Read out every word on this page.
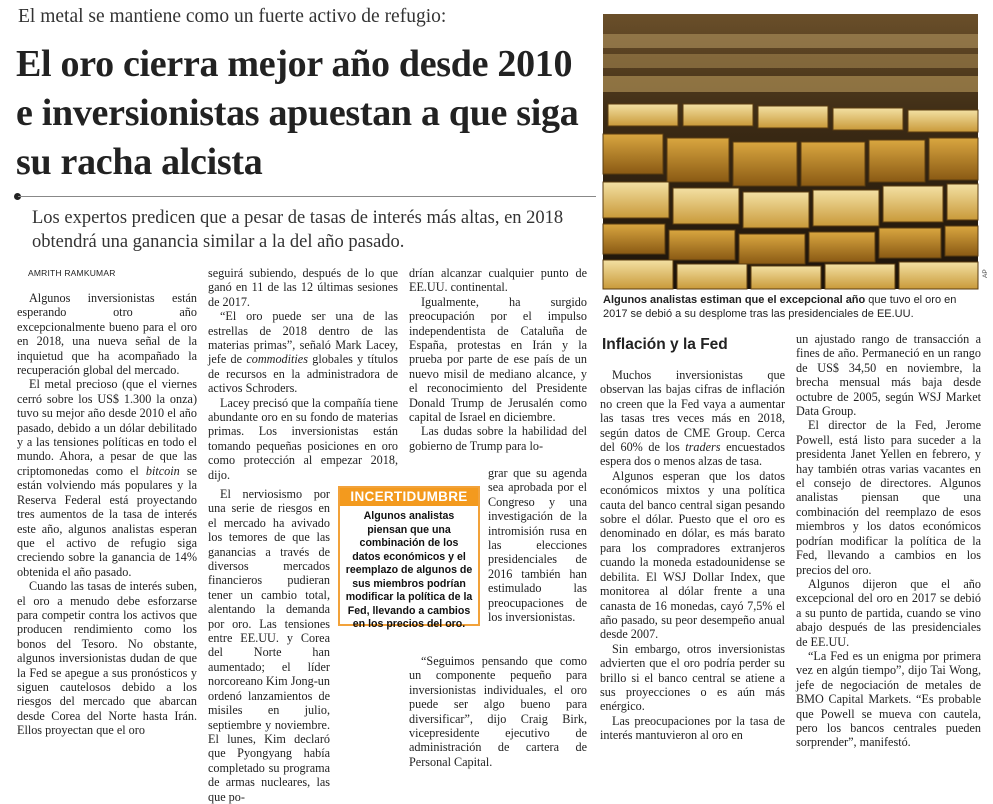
El metal se mantiene como un fuerte activo de refugio:
El oro cierra mejor año desde 2010 e inversionistas apuestan a que siga su racha alcista
Los expertos predicen que a pesar de tasas de interés más altas, en 2018 obtendrá una ganancia similar a la del año pasado.
AMRITH RAMKUMAR	AP
Algunos analistas estiman que el excepcional año que tuvo el oro en 2017 se debió a su desplome tras las presidenciales de EE.UU.

Algunos inversionistas están esperando otro año excepcionalmente bueno para el oro en 2018, una nueva señal de la inquietud que ha acompañado la recuperación global del mercado.

El metal precioso (que el viernes cerró sobre los US$ 1.300 la onza) tuvo su mejor año desde 2010 el año pasado, debido a un dólar debilitado y a las tensiones políticas en todo el mundo. Ahora, a pesar de que las criptomonedas como el bitcoin se están volviendo más populares y la Reserva Federal está proyectando tres aumentos de la tasa de interés este año, algunos analistas esperan que el activo de refugio siga creciendo sobre la ganancia de 14% obtenida el año pasado.

Cuando las tasas de interés suben, el oro a menudo debe esforzarse para competir contra los activos que producen rendimiento como los bonos del Tesoro. No obstante, algunos inversionistas dudan de que la Fed se apegue a sus pronósticos y siguen cautelosos debido a los riesgos del mercado que abarcan desde Corea del Norte hasta Irán. Ellos proyectan que el oro

seguirá subiendo, después de lo que ganó en 11 de las 12 últimas sesiones de 2017.

“El oro puede ser una de las estrellas de 2018 dentro de las materias primas”, señaló Mark Lacey, jefe de commodities globales y títulos de recursos en la administradora de activos Schroders.

Lacey precisó que la compañía tiene abundante oro en su fondo de materias primas. Los inversionistas están tomando pequeñas posiciones en oro como protección al empezar 2018, dijo.

El nerviosismo por una serie de riesgos en el mercado ha avivado los temores de que las ganancias a través de diversos mercados financieros pudieran tener un cambio total, alentando la demanda por oro. Las tensiones entre EE.UU. y Corea del Norte han aumentado; el líder norcoreano Kim Jong-un ordenó lanzamientos de misiles en julio, septiembre y noviembre. El lunes, Kim declaró que Pyongyang había completado su programa de armas nucleares, las que po-

INCERTIDUMBRE
Algunos analistas piensan que una combinación de los datos económicos y el reemplazo de algunos de sus miembros podrían modificar la política de la Fed, llevando a cambios en los precios del oro.

drían alcanzar cualquier punto de EE.UU. continental.

Igualmente, ha surgido preocupación por el impulso independentista de Cataluña de España, protestas en Irán y la prueba por parte de ese país de un nuevo misil de mediano alcance, y el reconocimiento del Presidente Donald Trump de Jerusalén como capital de Israel en diciembre.

Las dudas sobre la habilidad del gobierno de Trump para lo-

grar que su agenda sea aprobada por el Congreso y una investigación de la intromisión rusa en las elecciones presidenciales de 2016 también han estimulado las preocupaciones de los inversionistas.

“Seguimos pensando que como un componente pequeño para inversionistas individuales, el oro puede ser algo bueno para diversificar”, dijo Craig Birk, vicepresidente ejecutivo de administración de cartera de Personal Capital.

Inflación y la Fed

Muchos inversionistas que observan las bajas cifras de inflación no creen que la Fed vaya a aumentar las tasas tres veces más en 2018, según datos de CME Group. Cerca del 60% de los traders encuestados espera dos o menos alzas de tasa.

Algunos esperan que los datos económicos mixtos y una política cauta del banco central sigan pesando sobre el dólar. Puesto que el oro es denominado en dólar, es más barato para los compradores extranjeros cuando la moneda estadounidense se debilita. El WSJ Dollar Index, que monitorea al dólar frente a una canasta de 16 monedas, cayó 7,5% el año pasado, su peor desempeño anual desde 2007.

Sin embargo, otros inversionistas advierten que el oro podría perder su brillo si el banco central se atiene a sus proyecciones o es aún más enérgico.

Las preocupaciones por la tasa de interés mantuvieron al oro en

un ajustado rango de transacción a fines de año. Permaneció en un rango de US$ 34,50 en noviembre, la brecha mensual más baja desde octubre de 2005, según WSJ Market Data Group.

El director de la Fed, Jerome Powell, está listo para suceder a la presidenta Janet Yellen en febrero, y hay también otras varias vacantes en el consejo de directores. Algunos analistas piensan que una combinación del reemplazo de esos miembros y los datos económicos podrían modificar la política de la Fed, llevando a cambios en los precios del oro.

Algunos dijeron que el año excepcional del oro en 2017 se debió a su punto de partida, cuando se vino abajo después de las presidenciales de EE.UU.

“La Fed es un enigma por primera vez en algún tiempo”, dijo Tai Wong, jefe de negociación de metales de BMO Capital Markets. “Es probable que Powell se mueva con cautela, pero los bancos centrales pueden sorprender”, manifestó.
